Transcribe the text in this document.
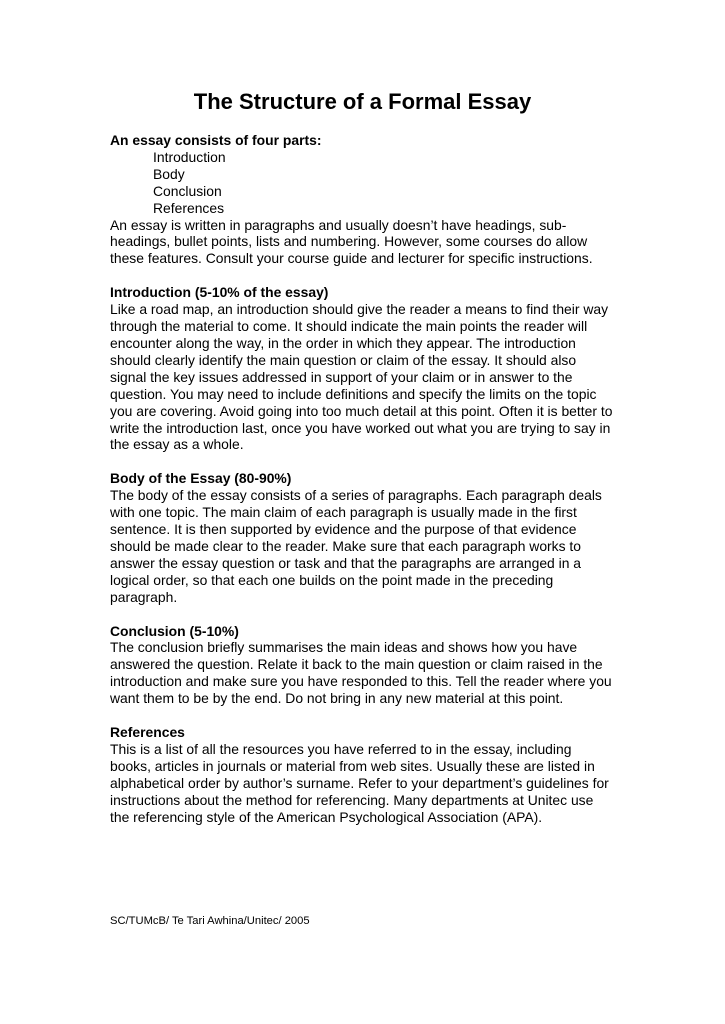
The Structure of a Formal Essay

An essay consists of four parts:

Introduction
Body
Conclusion
References

An essay is written in paragraphs and usually doesn’t have headings, sub-headings, bullet points, lists and numbering. However, some courses do allow these features. Consult your course guide and lecturer for specific instructions.

Introduction (5-10% of the essay)

Like a road map, an introduction should give the reader a means to find their way through the material to come. It should indicate the main points the reader will encounter along the way, in the order in which they appear. The introduction should clearly identify the main question or claim of the essay. It should also signal the key issues addressed in support of your claim or in answer to the question. You may need to include definitions and specify the limits on the topic you are covering. Avoid going into too much detail at this point. Often it is better to write the introduction last, once you have worked out what you are trying to say in the essay as a whole.

Body of the Essay (80-90%)

The body of the essay consists of a series of paragraphs. Each paragraph deals with one topic. The main claim of each paragraph is usually made in the first sentence. It is then supported by evidence and the purpose of that evidence should be made clear to the reader. Make sure that each paragraph works to answer the essay question or task and that the paragraphs are arranged in a logical order, so that each one builds on the point made in the preceding paragraph.

Conclusion (5-10%)

The conclusion briefly summarises the main ideas and shows how you have answered the question. Relate it back to the main question or claim raised in the introduction and make sure you have responded to this. Tell the reader where you want them to be by the end. Do not bring in any new material at this point.

References

This is a list of all the resources you have referred to in the essay, including books, articles in journals or material from web sites. Usually these are listed in alphabetical order by author’s surname. Refer to your department’s guidelines for instructions about the method for referencing. Many departments at Unitec use the referencing style of the American Psychological Association (APA).

SC/TUMcB/ Te Tari Awhina/Unitec/ 2005
